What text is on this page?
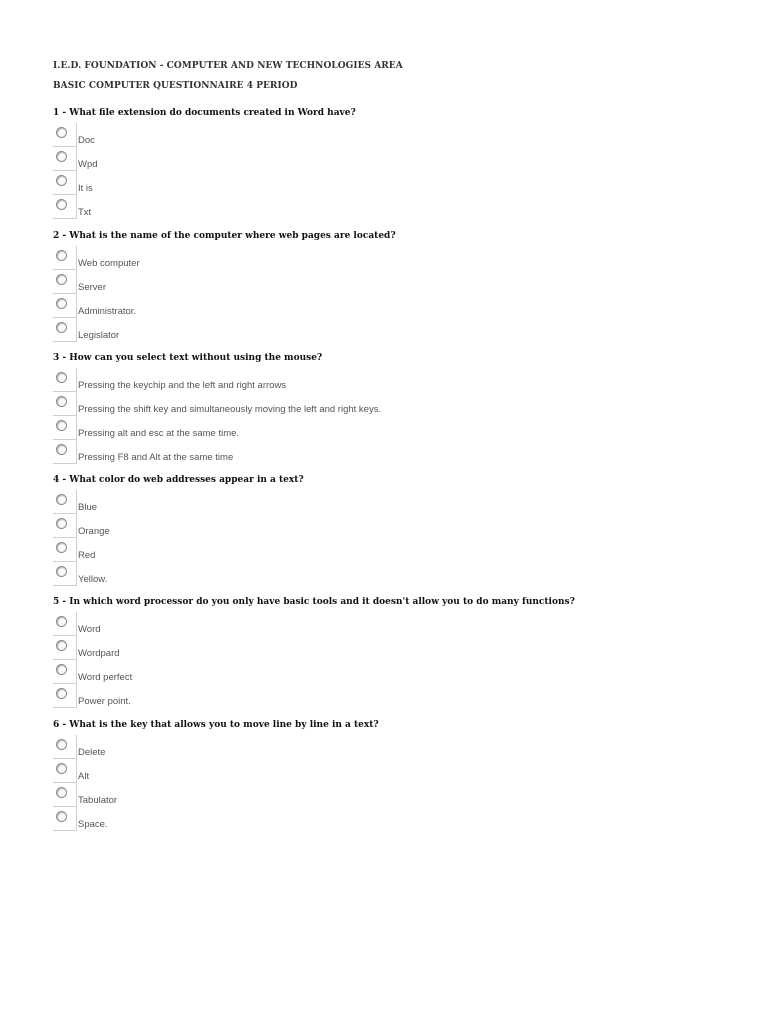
I.E.D. FOUNDATION - COMPUTER AND NEW TECHNOLOGIES AREA
BASIC COMPUTER QUESTIONNAIRE 4 PERIOD
1 - What file extension do documents created in Word have?
Doc
Wpd
It is
Txt
2 - What is the name of the computer where web pages are located?
Web computer
Server
Administrator.
Legislator
3 - How can you select text without using the mouse?
Pressing the keychip and the left and right arrows
Pressing the shift key and simultaneously moving the left and right keys.
Pressing alt and esc at the same time.
Pressing F8 and Alt at the same time
4 - What color do web addresses appear in a text?
Blue
Orange
Red
Yellow.
5 - In which word processor do you only have basic tools and it doesn't allow you to do many functions?
Word
Wordpard
Word perfect
Power point.
6 - What is the key that allows you to move line by line in a text?
Delete
Alt
Tabulator
Space.
